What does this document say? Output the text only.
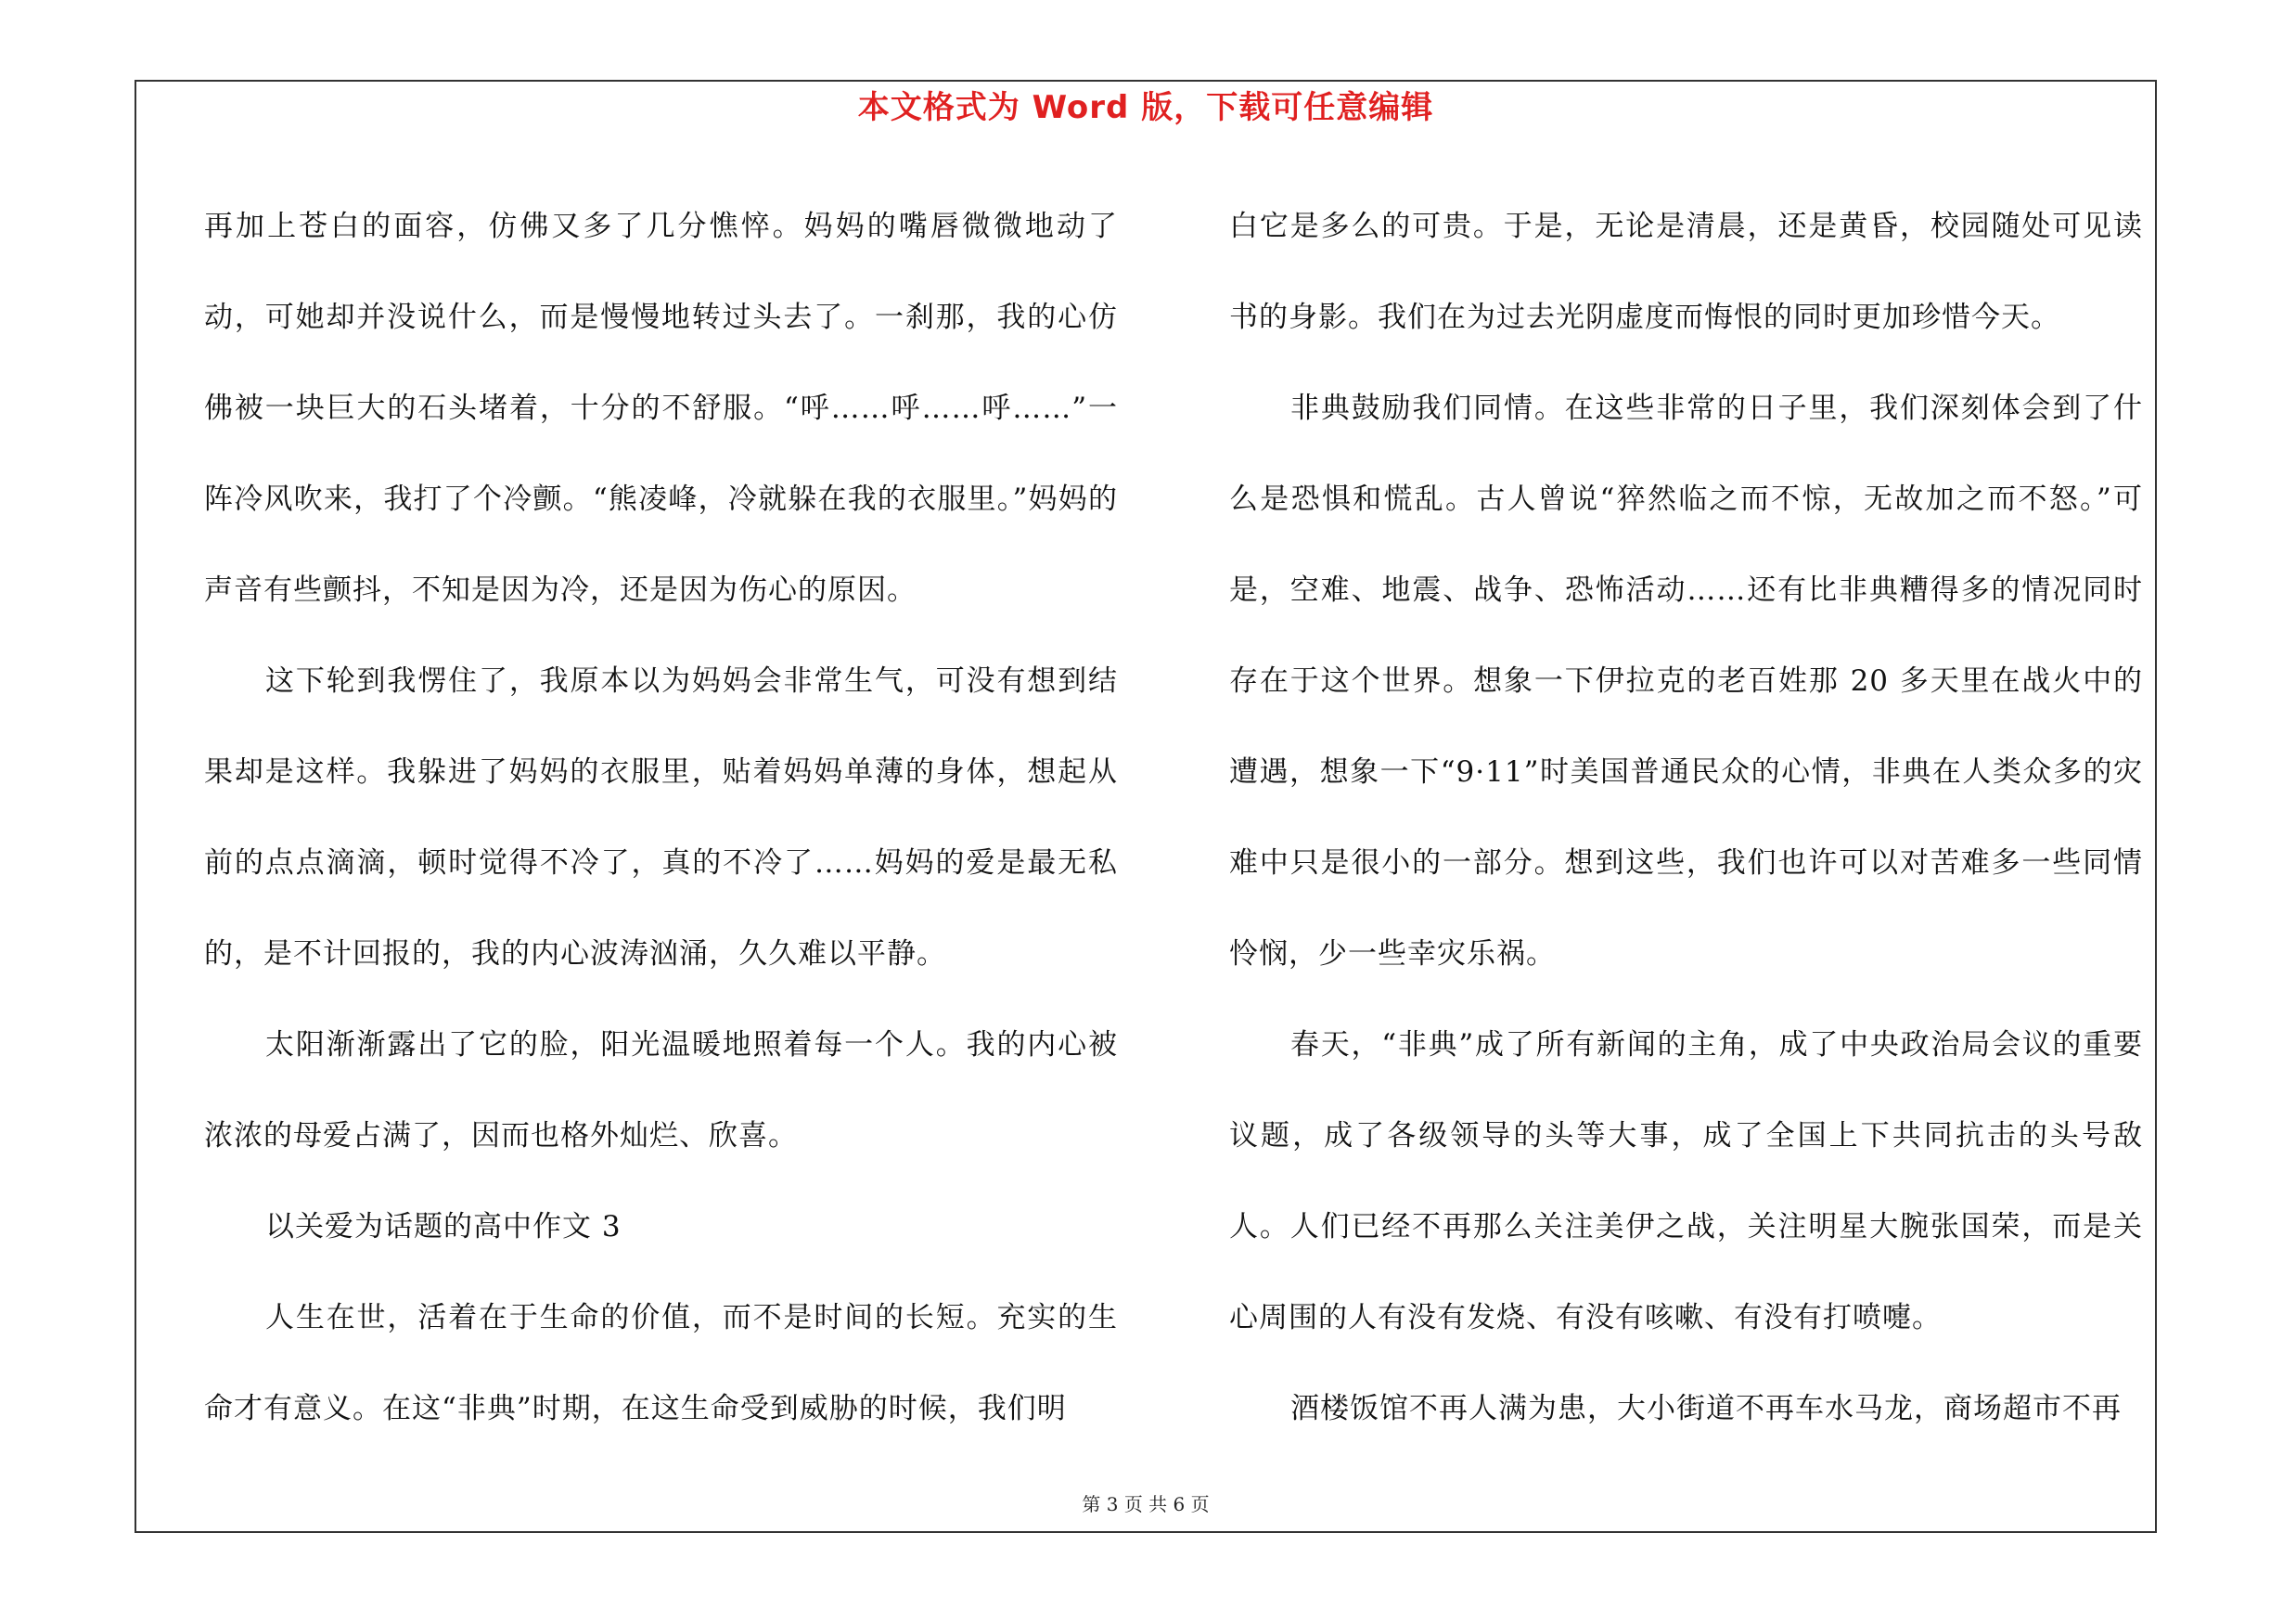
本文格式为 Word 版，下载可任意编辑

再加上苍白的面容，仿佛又多了几分憔悴。妈妈的嘴唇微微地动了动，可她却并没说什么，而是慢慢地转过头去了。一刹那，我的心仿佛被一块巨大的石头堵着，十分的不舒服。“呼……呼……呼……”一阵冷风吹来，我打了个冷颤。“熊凌峰，冷就躲在我的衣服里。”妈妈的声音有些颤抖，不知是因为冷，还是因为伤心的原因。

这下轮到我愣住了，我原本以为妈妈会非常生气，可没有想到结果却是这样。我躲进了妈妈的衣服里，贴着妈妈单薄的身体，想起从前的点点滴滴，顿时觉得不冷了，真的不冷了……妈妈的爱是最无私的，是不计回报的，我的内心波涛汹涌，久久难以平静。

太阳渐渐露出了它的脸，阳光温暖地照着每一个人。我的内心被浓浓的母爱占满了，因而也格外灿烂、欣喜。

以关爱为话题的高中作文 3

人生在世，活着在于生命的价值，而不是时间的长短。充实的生命才有意义。在这“非典”时期，在这生命受到威胁的时候，我们明

白它是多么的可贵。于是，无论是清晨，还是黄昏，校园随处可见读书的身影。我们在为过去光阴虚度而悔恨的同时更加珍惜今天。

非典鼓励我们同情。在这些非常的日子里，我们深刻体会到了什么是恐惧和慌乱。古人曾说“猝然临之而不惊，无故加之而不怒。”可是，空难、地震、战争、恐怖活动……还有比非典糟得多的情况同时存在于这个世界。想象一下伊拉克的老百姓那 20 多天里在战火中的遭遇，想象一下“9·11”时美国普通民众的心情，非典在人类众多的灾难中只是很小的一部分。想到这些，我们也许可以对苦难多一些同情怜悯，少一些幸灾乐祸。

春天，“非典”成了所有新闻的主角，成了中央政治局会议的重要议题，成了各级领导的头等大事，成了全国上下共同抗击的头号敌人。人们已经不再那么关注美伊之战，关注明星大腕张国荣，而是关心周围的人有没有发烧、有没有咳嗽、有没有打喷嚏。

酒楼饭馆不再人满为患，大小街道不再车水马龙，商场超市不再

第 3 页 共 6 页
